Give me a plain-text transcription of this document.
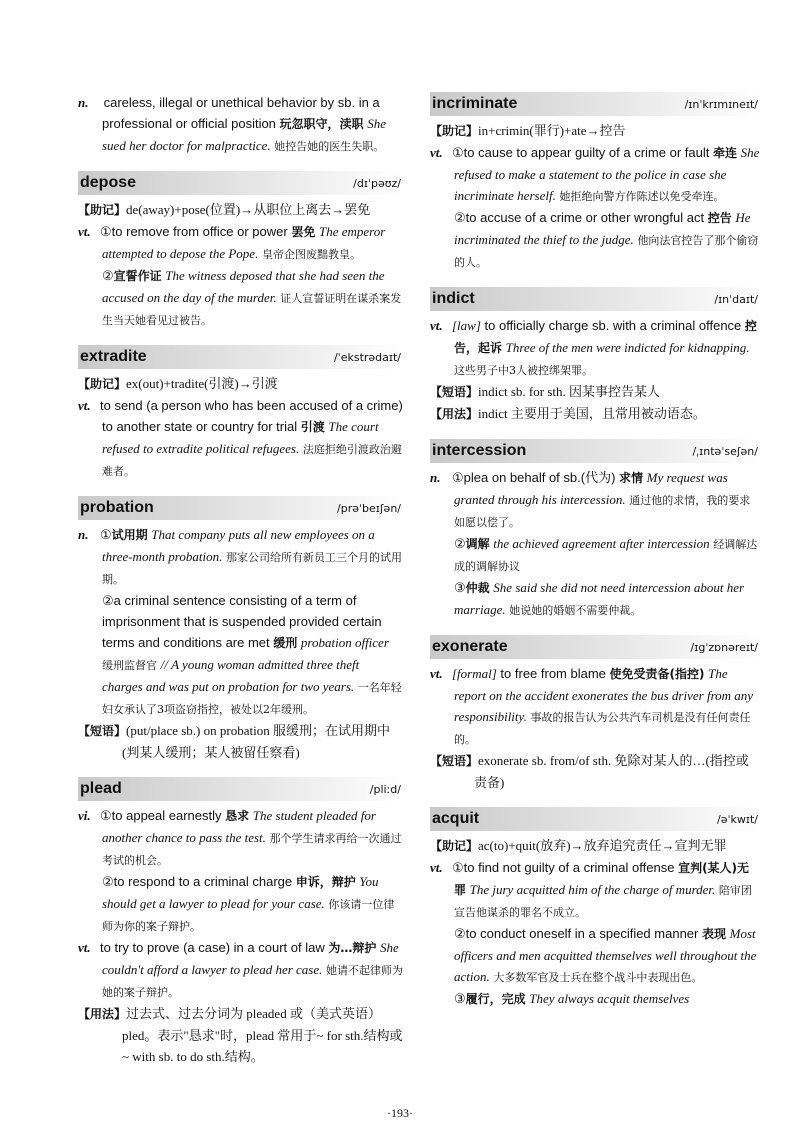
n. careless, illegal or unethical behavior by sb. in a professional or official position 玩忽职守，渎职 She sued her doctor for malpractice. 她控告她的医生失职。

depose	/dɪˈpəʊz/

【助记】de(away)+pose(位置)→从职位上离去→罢免

vt. ①to remove from office or power 罢免 The emperor attempted to depose the Pope. 皇帝企图废黜教皇。

②宣誓作证 The witness deposed that she had seen the accused on the day of the murder. 证人宣誓证明在谋杀案发生当天她看见过被告。

extradite	/ˈekstrədaɪt/

【助记】ex(out)+tradite(引渡)→引渡

vt. to send (a person who has been accused of a crime) to another state or country for trial 引渡 The court refused to extradite political refugees. 法庭拒绝引渡政治避难者。

probation	/prəˈbeɪʃən/

n. ①试用期 That company puts all new employees on a three-month probation. 那家公司给所有新员工三个月的试用期。

②a criminal sentence consisting of a term of imprisonment that is suspended provided certain terms and conditions are met 缓刑 probation officer 缓刑监督官 // A young woman admitted three theft charges and was put on probation for two years. 一名年轻妇女承认了3项盗窃指控，被处以2年缓刑。

【短语】(put/place sb.) on probation 服缓刑；在试用期中(判某人缓刑；某人被留任察看)

plead	/pliːd/

vi. ①to appeal earnestly 恳求 The student pleaded for another chance to pass the test. 那个学生请求再给一次通过考试的机会。

②to respond to a criminal charge 申诉，辩护 You should get a lawyer to plead for your case. 你该请一位律师为你的案子辩护。

vt. to try to prove (a case) in a court of law 为…辩护 She couldn't afford a lawyer to plead her case. 她请不起律师为她的案子辩护。

【用法】过去式、过去分词为 pleaded 或（美式英语）pled。表示"恳求"时，plead 常用于~ for sth.结构或~ with sb. to do sth.结构。

incriminate	/ɪnˈkrɪmɪneɪt/

【助记】in+crimin(罪行)+ate→控告

vt. ①to cause to appear guilty of a crime or fault 牵连 She refused to make a statement to the police in case she incriminate herself. 她拒绝向警方作陈述以免受牵连。

②to accuse of a crime or other wrongful act 控告 He incriminated the thief to the judge. 他向法官控告了那个偷窃的人。

indict	/ɪnˈdaɪt/

vt. [law] to officially charge sb. with a criminal offence 控告，起诉 Three of the men were indicted for kidnapping. 这些男子中3人被控绑架罪。

【短语】indict sb. for sth. 因某事控告某人

【用法】indict 主要用于美国，且常用被动语态。

intercession	/ˌɪntəˈseʃən/

n. ①plea on behalf of sb.(代为) 求情 My request was granted through his intercession. 通过他的求情，我的要求如愿以偿了。

②调解 the achieved agreement after intercession 经调解达成的调解协议

③仲裁 She said she did not need intercession about her marriage. 她说她的婚姻不需要仲裁。

exonerate	/ɪgˈzɒnəreɪt/

vt. [formal] to free from blame 使免受责备(指控) The report on the accident exonerates the bus driver from any responsibility. 事故的报告认为公共汽车司机是没有任何责任的。

【短语】exonerate sb. from/of sth. 免除对某人的…(指控或责备)

acquit	/əˈkwɪt/

【助记】ac(to)+quit(放弃)→放弃追究责任→宣判无罪

vt. ①to find not guilty of a criminal offense 宣判(某人)无罪 The jury acquitted him of the charge of murder. 陪审团宣告他谋杀的罪名不成立。

②to conduct oneself in a specified manner 表现 Most officers and men acquitted themselves well throughout the action. 大多数军官及士兵在整个战斗中表现出色。

③履行，完成 They always acquit themselves

·193·
